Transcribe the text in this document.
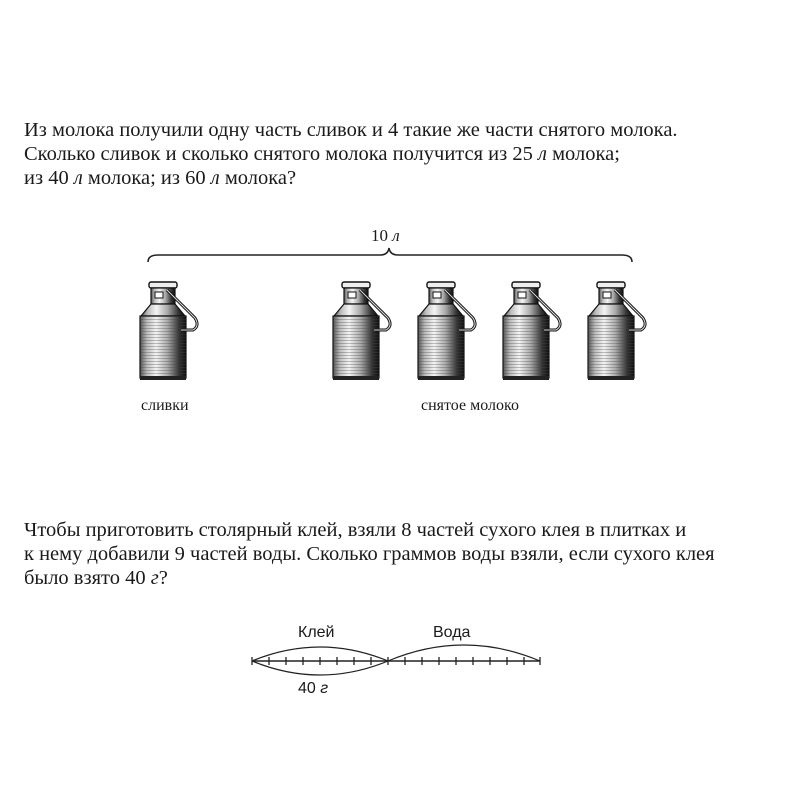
Из молока получили одну часть сливок и 4 такие же части снятого молока.
Сколько сливок и сколько снятого молока получится из 25 л молока;
из 40 л молока; из 60 л молока?
10 л
сливки	снятое молоко
Чтобы приготовить столярный клей, взяли 8 частей сухого клея в плитках и
к нему добавили 9 частей воды. Сколько граммов воды взяли, если сухого клея
было взято 40 г?
Клей	Вода
40 г
